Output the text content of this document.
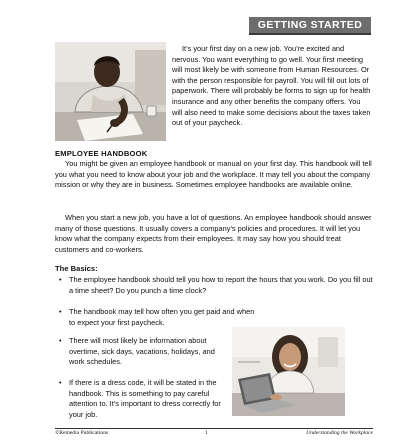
GETTING STARTED

It’s your first day on a new job. You’re excited and nervous. You want everything to go well. Your first meeting will most likely be with someone from Human Resources. Or with the person responsible for payroll. You will fill out lots of paperwork. There will probably be forms to sign up for health insurance and any other benefits the company offers. You will also need to make some decisions about the taxes taken out of your paycheck.

EMPLOYEE HANDBOOK

You might be given an employee handbook or manual on your first day. This handbook will tell you what you need to know about your job and the workplace. It may tell you about the company mission or why they are in business. Sometimes employee handbooks are available online.

When you start a new job, you have a lot of questions. An employee handbook should answer many of those questions. It usually covers a company’s policies and procedures. It will let you know what the company expects from their employees. It may say how you should treat customers and co-workers.

The Basics:
•	The employee handbook should tell you how to report the hours that you work. Do you fill out a time sheet? Do you punch a time clock?
•	The handbook may tell how often you get paid and when to expect your first paycheck.
•	There will most likely be information about overtime, sick days, vacations, holidays, and work schedules.
•	If there is a dress code, it will be stated in the handbook. This is something to pay careful attention to. It’s important to dress correctly for your job.
©Remedia Publications	1	Understanding the Workplace
